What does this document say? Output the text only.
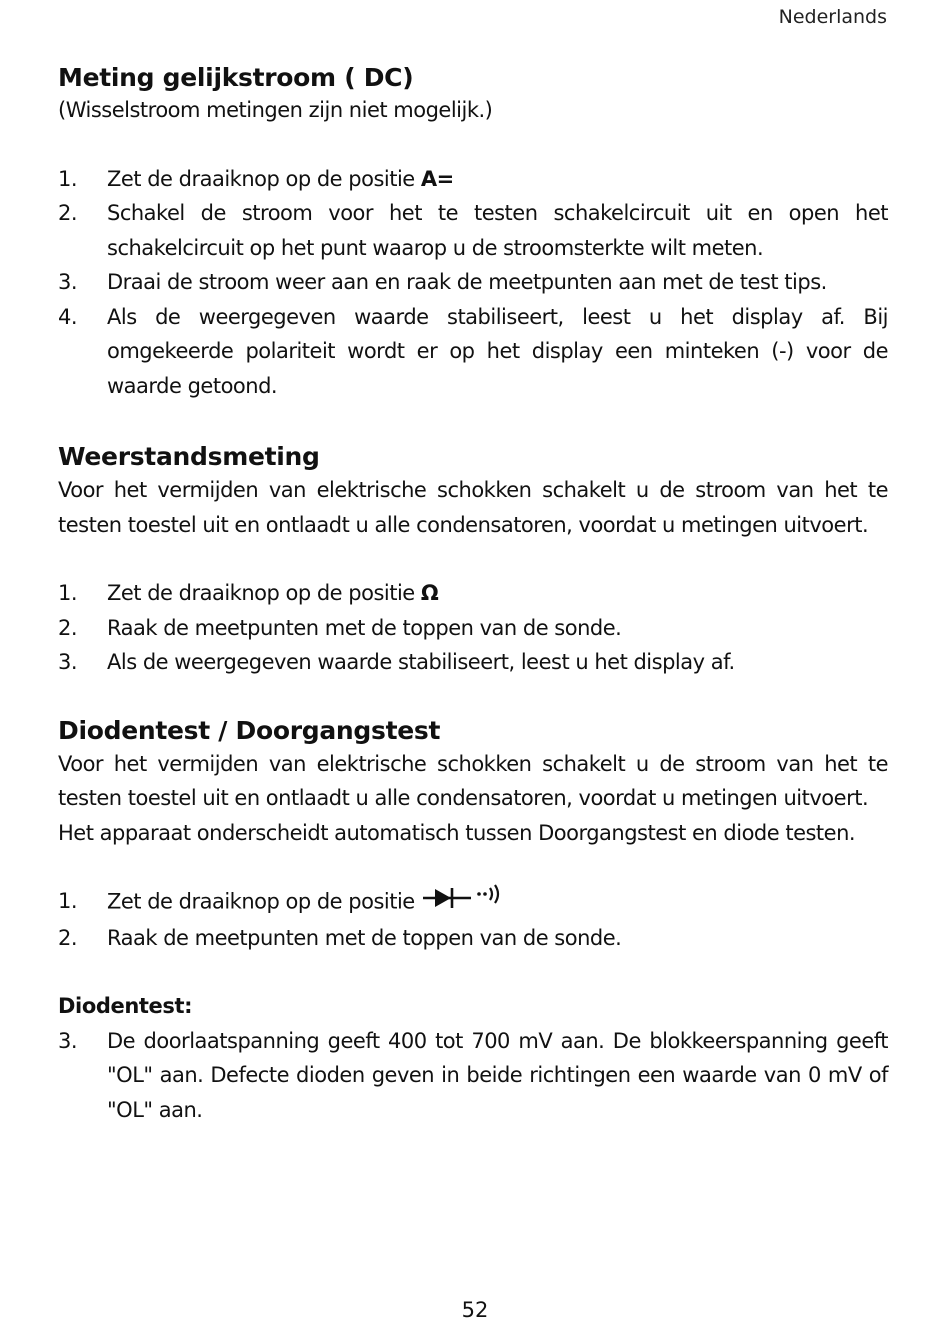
Nederlands
Meting gelijkstroom ( DC)

(Wisselstroom metingen zijn niet mogelijk.)

1. Zet de draaiknop op de positie A=
2. Schakel de stroom voor het te testen schakelcircuit uit en open het schakelcircuit op het punt waarop u de stroomsterkte wilt meten.
3. Draai de stroom weer aan en raak de meetpunten aan met de test tips.
4. Als de weergegeven waarde stabiliseert, leest u het display af. Bij omgekeerde polariteit wordt er op het display een minteken (-) voor de waarde getoond.
Weerstandsmeting

Voor het vermijden van elektrische schokken schakelt u de stroom van het te testen toestel uit en ontlaadt u alle condensatoren, voordat u metingen uitvoert.

1. Zet de draaiknop op de positie Ω
2. Raak de meetpunten met de toppen van de sonde.
3. Als de weergegeven waarde stabiliseert, leest u het display af.
Diodentest / Doorgangstest

Voor het vermijden van elektrische schokken schakelt u de stroom van het te testen toestel uit en ontlaadt u alle condensatoren, voordat u metingen uitvoert.

Het apparaat onderscheidt automatisch tussen Doorgangstest en diode testen.

1. Zet de draaiknop op de positie
2. Raak de meetpunten met de toppen van de sonde.

Diodentest:

3. De doorlaatspanning geeft 400 tot 700 mV aan. De blokkeerspanning geeft "OL" aan. Defecte dioden geven in beide richtingen een waarde van 0 mV of "OL" aan.
52
